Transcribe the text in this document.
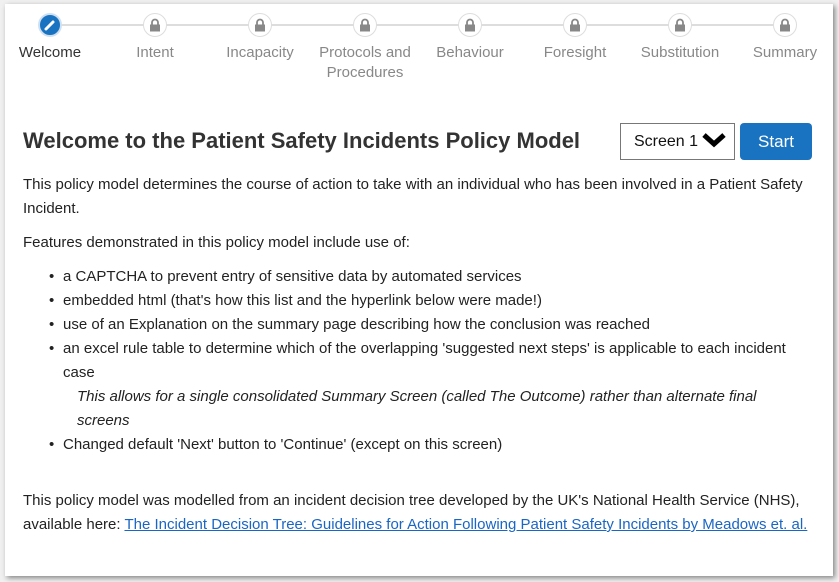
Welcome	Intent	Incapacity	Protocols and Procedures
Behaviour	Foresight	Substitution	Summary
Welcome to the Patient Safety Incidents Policy Model	Screen 1	Start

This policy model determines the course of action to take with an individual who has been involved in a Patient Safety Incident.

Features demonstrated in this policy model include use of:

• a CAPTCHA to prevent entry of sensitive data by automated services
• embedded html (that's how this list and the hyperlink below were made!)
• use of an Explanation on the summary page describing how the conclusion was reached
• an excel rule table to determine which of the overlapping 'suggested next steps' is applicable to each incident case
This allows for a single consolidated Summary Screen (called The Outcome) rather than alternate final screens
• Changed default 'Next' button to 'Continue' (except on this screen)

This policy model was modelled from an incident decision tree developed by the UK's National Health Service (NHS), available here: The Incident Decision Tree: Guidelines for Action Following Patient Safety Incidents by Meadows et. al.
